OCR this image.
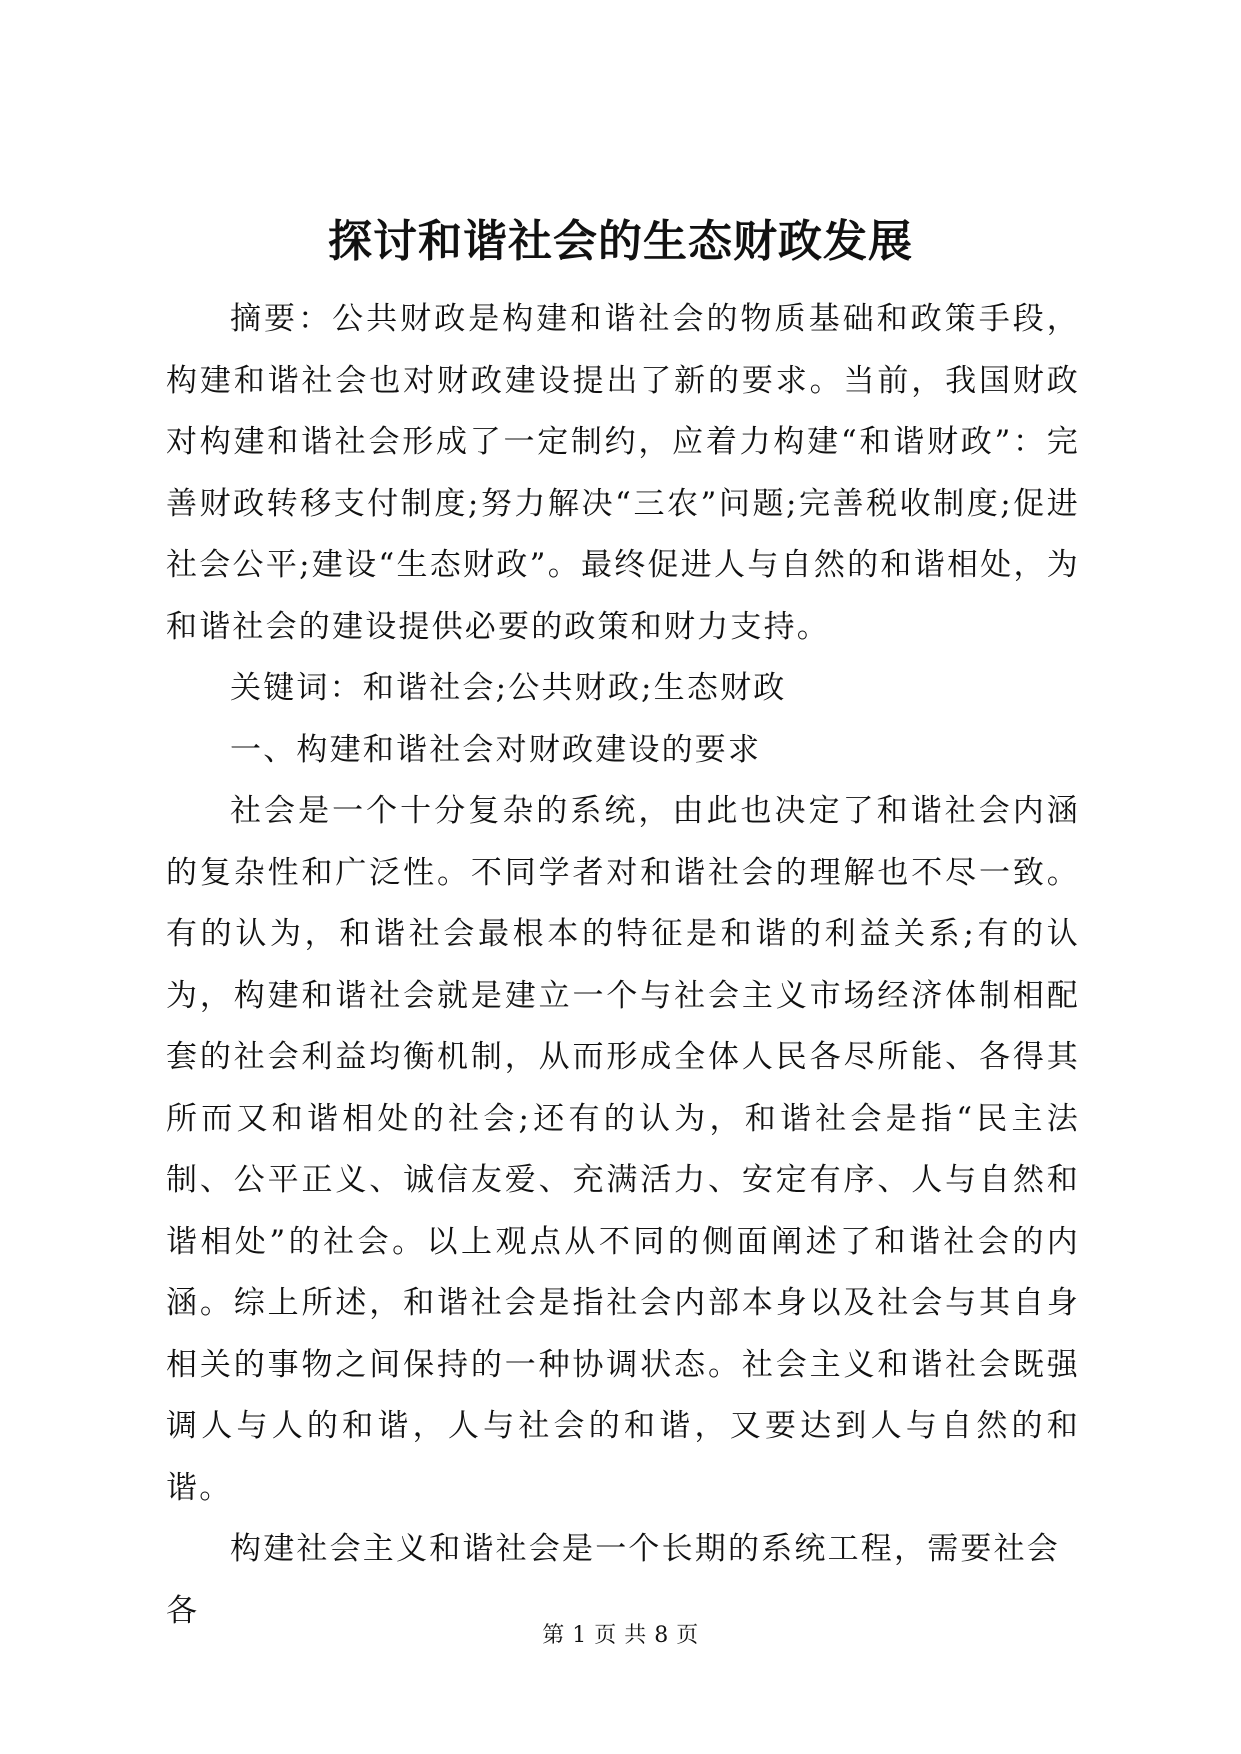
探讨和谐社会的生态财政发展

摘要：公共财政是构建和谐社会的物质基础和政策手段，构建和谐社会也对财政建设提出了新的要求。当前，我国财政对构建和谐社会形成了一定制约，应着力构建“和谐财政”：完善财政转移支付制度;努力解决“三农”问题;完善税收制度;促进社会公平;建设“生态财政”。最终促进人与自然的和谐相处，为和谐社会的建设提供必要的政策和财力支持。

关键词：和谐社会;公共财政;生态财政

一、构建和谐社会对财政建设的要求

社会是一个十分复杂的系统，由此也决定了和谐社会内涵的复杂性和广泛性。不同学者对和谐社会的理解也不尽一致。有的认为，和谐社会最根本的特征是和谐的利益关系;有的认为，构建和谐社会就是建立一个与社会主义市场经济体制相配套的社会利益均衡机制，从而形成全体人民各尽所能、各得其所而又和谐相处的社会;还有的认为，和谐社会是指“民主法制、公平正义、诚信友爱、充满活力、安定有序、人与自然和谐相处”的社会。以上观点从不同的侧面阐述了和谐社会的内涵。综上所述，和谐社会是指社会内部本身以及社会与其自身相关的事物之间保持的一种协调状态。社会主义和谐社会既强调人与人的和谐，人与社会的和谐，又要达到人与自然的和谐。

构建社会主义和谐社会是一个长期的系统工程，需要社会各

第 1 页 共 8 页
